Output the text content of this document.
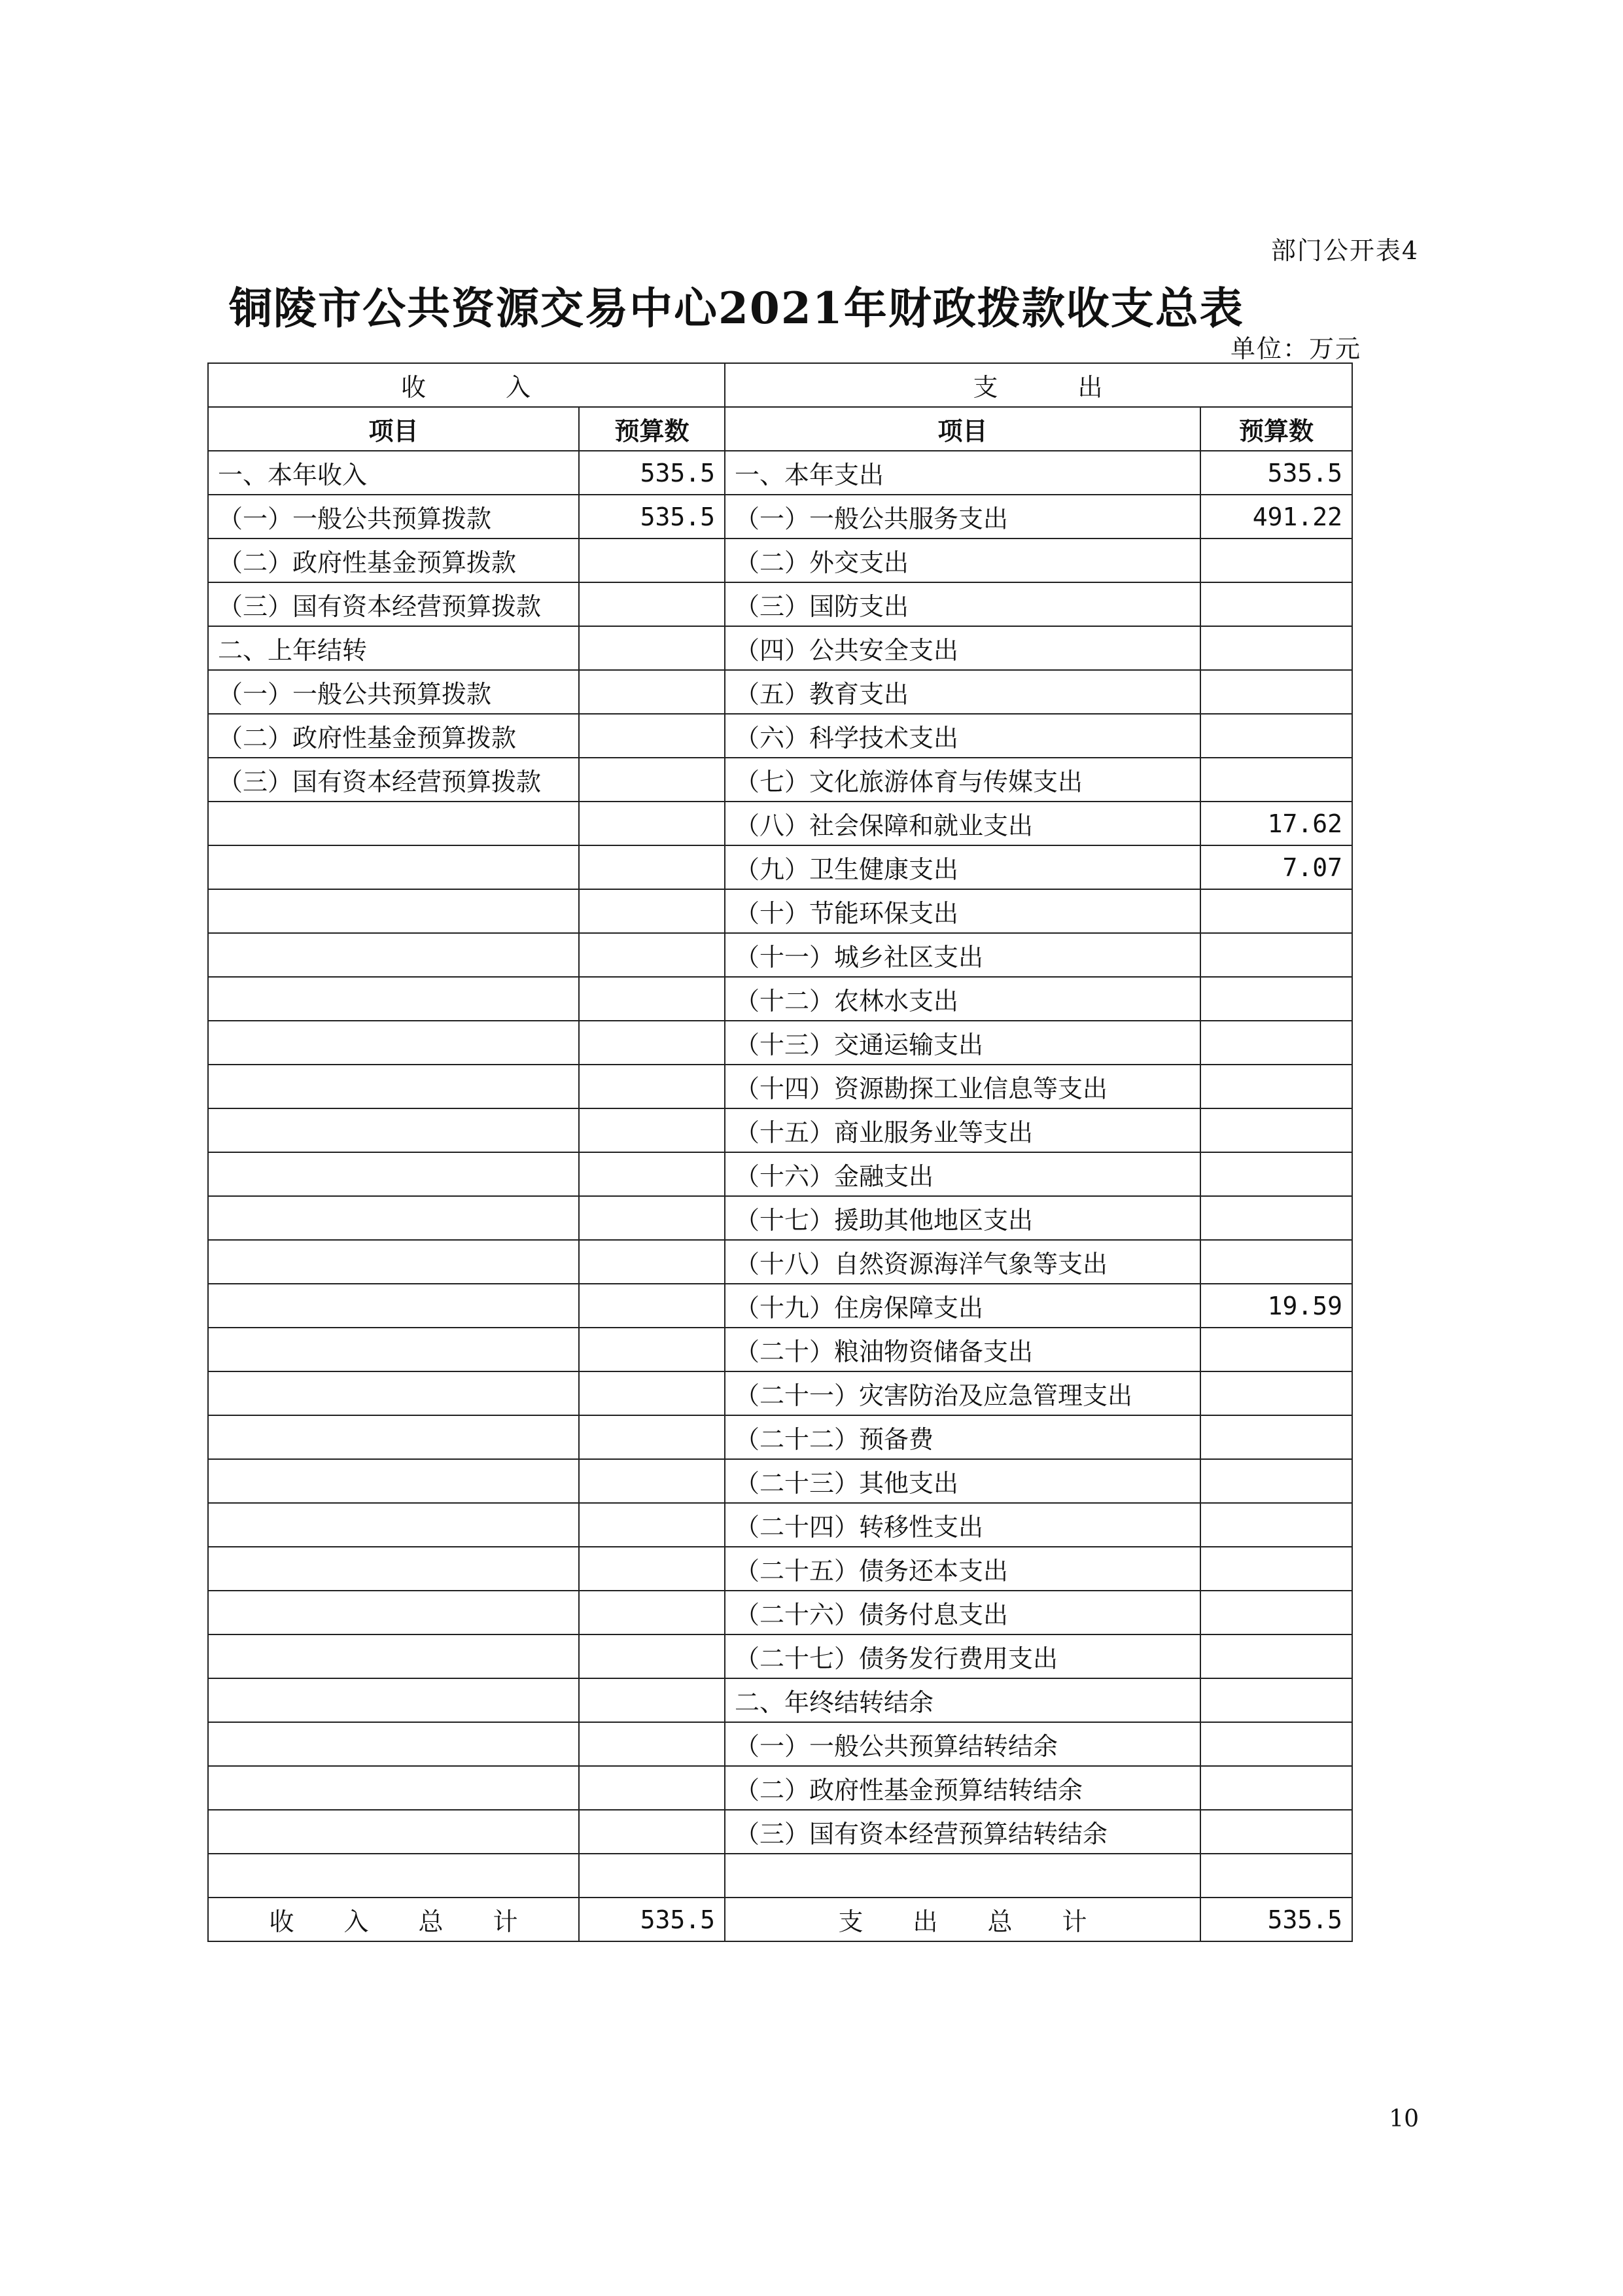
部门公开表4
铜陵市公共资源交易中心2021年财政拨款收支总表
单位：万元
收　　　入		支　　　出	
项目	预算数	项目	预算数
一、本年收入	535.5	一、本年支出	535.5
（一）一般公共预算拨款	535.5	（一）一般公共服务支出	491.22
（二）政府性基金预算拨款		（二）外交支出	
（三）国有资本经营预算拨款		（三）国防支出	
二、上年结转		（四）公共安全支出	
（一）一般公共预算拨款		（五）教育支出	
（二）政府性基金预算拨款		（六）科学技术支出	
（三）国有资本经营预算拨款		（七）文化旅游体育与传媒支出	
		（八）社会保障和就业支出	17.62
		（九）卫生健康支出	7.07
		（十）节能环保支出	
		（十一）城乡社区支出	
		（十二）农林水支出	
		（十三）交通运输支出	
		（十四）资源勘探工业信息等支出	
		（十五）商业服务业等支出	
		（十六）金融支出	
		（十七）援助其他地区支出	
		（十八）自然资源海洋气象等支出	
		（十九）住房保障支出	19.59
		（二十）粮油物资储备支出	
		（二十一）灾害防治及应急管理支出	
		（二十二）预备费	
		（二十三）其他支出	
		（二十四）转移性支出	
		（二十五）债务还本支出	
		（二十六）债务付息支出	
		（二十七）债务发行费用支出	
		二、年终结转结余	
		（一）一般公共预算结转结余	
		（二）政府性基金预算结转结余	
		（三）国有资本经营预算结转结余	

收　　入　　总　　计	535.5	支　　出　　总　　计	535.5
10
